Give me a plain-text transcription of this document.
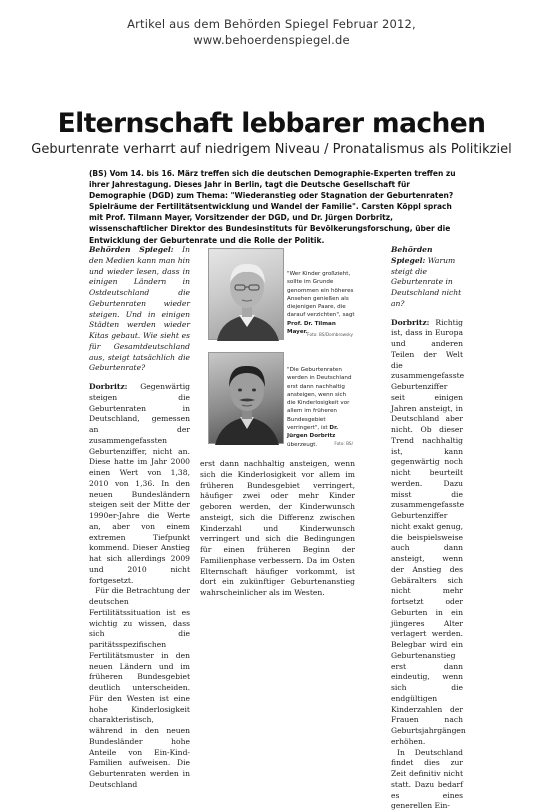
Artikel aus dem Behörden Spiegel Februar 2012,
www.behoerdenspiegel.de
Elternschaft lebbarer machen
Geburtenrate verharrt auf niedrigem Niveau / Pronatalismus als Politikziel
(BS) Vom 14. bis 16. März treffen sich die deutschen Demographie-Experten treffen zu ihrer Jahrestagung. Dieses Jahr in Berlin, tagt die Deutsche Gesellschaft für Demographie (DGD) zum Thema: "Wiederanstieg oder Stagnation der Geburtenraten? Spielräume der Fertilitätsentwicklung und Wandel der Familie". Carsten Köppl sprach mit Prof. Tilmann Mayer, Vorsitzender der DGD, und Dr. Jürgen Dorbritz, wissenschaftlicher Direktor des Bundesinstituts für Bevölkerungsforschung, über die Entwicklung der Geburtenrate und die Rolle der Politik.

Behörden Spiegel: In den Medien kann man hin und wieder lesen, dass in einigen Ländern in Ostdeutschland die Geburtenraten wieder steigen. Und in einigen Städten werden wieder Kitas gebaut. Wie sieht es für Gesamtdeutschland aus, steigt tatsächlich die Geburtenrate?

Dorbritz: Gegenwärtig steigen die Geburtenraten in Deutschland, gemessen an der zusammengefassten Geburtenziffer, nicht an. Diese hatte im Jahr 2000 einen Wert von 1,38, 2010 von 1,36. In den neuen Bundesländern steigen seit der Mitte der 1990er-Jahre die Werte an, aber von einem extremen Tiefpunkt kommend. Dieser Anstieg hat sich allerdings 2009 und 2010 nicht fortgesetzt.

Für die Betrachtung der deutschen Fertilitätssituation ist es wichtig zu wissen, dass sich die paritätsspezifischen Fertilitätsmuster in den neuen Ländern und im früheren Bundesgebiet deutlich unterscheiden. Für den Westen ist eine hohe Kinderlosigkeit charakteristisch, während in den neuen Bundesländer hohe Anteile von Ein-Kind-Familien aufweisen. Die Geburtenraten werden in Deutschland

"Wer Kinder großzieht, sollte im Grunde genommen ein höheres Ansehen genießen als diejenigen Paare, die darauf verzichten", sagt Prof. Dr. Tilman Mayer. Foto: BS/Dombrowsky
"Die Geburtenraten werden in Deutschland erst dann nachhaltig ansteigen, wenn sich die Kinderlosigkeit vor allem im früheren Bundesgebiet verringert", ist Dr. Jürgen Dorbritz überzeugt.	Foto: BS/

erst dann nachhaltig ansteigen, wenn sich die Kinderlosigkeit vor allem im früheren Bundesgebiet verringert, häufiger zwei oder mehr Kinder geboren werden, der Kinderwunsch ansteigt, sich die Differenz zwischen Kinderzahl und Kinderwunsch verringert und sich die Bedingungen für einen früheren Beginn der Familienphase verbessern. Da im Osten Elternschaft häufiger vorkommt, ist dort ein zukünftiger Geburtenanstieg wahrscheinlicher als im Westen.

Behörden Spiegel: Warum steigt die Geburtenrate in Deutschland nicht an?

Dorbritz: Richtig ist, dass in Europa und anderen Teilen der Welt die zusammengefasste Geburtenziffer seit einigen Jahren ansteigt, in Deutschland aber nicht. Ob dieser Trend nachhaltig ist, kann gegenwärtig noch nicht beurteilt werden. Dazu misst die zusammengefasste Geburtenziffer nicht exakt genug, die beispielsweise auch dann ansteigt, wenn der Anstieg des Gebäralters sich nicht mehr fortsetzt oder Geburten in ein jüngeres Alter verlagert werden. Belegbar wird ein Geburtenanstieg erst dann eindeutig, wenn sich die endgültigen Kinderzahlen der Frauen nach Geburtsjahrgängen erhöhen.

In Deutschland findet dies zur Zeit definitiv nicht statt. Dazu bedarf es eines generellen Ein-
